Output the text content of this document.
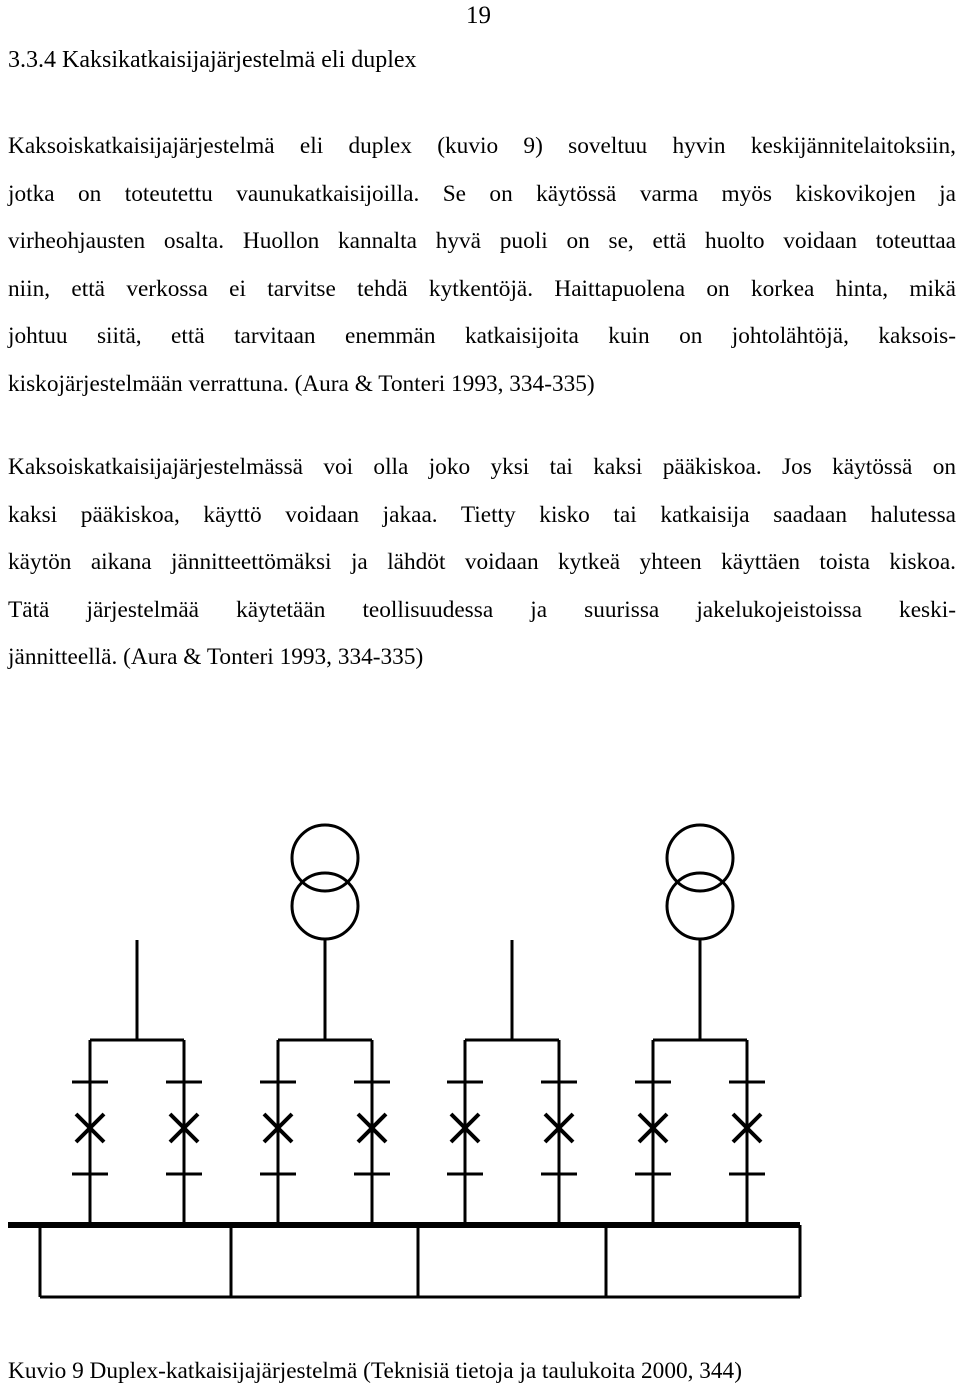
19
3.3.4 Kaksikatkaisijajärjestelmä eli duplex
Kaksoiskatkaisijajärjestelmä eli duplex (kuvio 9) soveltuu hyvin keskijännitelaitoksiin,
jotka on toteutettu vaunukatkaisijoilla. Se on käytössä varma myös kiskovikojen ja
virheohjausten osalta. Huollon kannalta hyvä puoli on se, että huolto voidaan toteuttaa
niin, että verkossa ei tarvitse tehdä kytkentöjä. Haittapuolena on korkea hinta, mikä
johtuu siitä, että tarvitaan enemmän katkaisijoita kuin on johtolähtöjä, kaksois-
kiskojärjestelmään verrattuna. (Aura & Tonteri 1993, 334-335)
Kaksoiskatkaisijajärjestelmässä voi olla joko yksi tai kaksi pääkiskoa. Jos käytössä on
kaksi pääkiskoa, käyttö voidaan jakaa. Tietty kisko tai katkaisija saadaan halutessa
käytön aikana jännitteettömäksi ja lähdöt voidaan kytkeä yhteen käyttäen toista kiskoa.
Tätä järjestelmää käytetään teollisuudessa ja suurissa jakelukojeistoissa keski-
jännitteellä. (Aura & Tonteri 1993, 334-335)
Kuvio 9 Duplex-katkaisijajärjestelmä (Teknisiä tietoja ja taulukoita 2000, 344)
